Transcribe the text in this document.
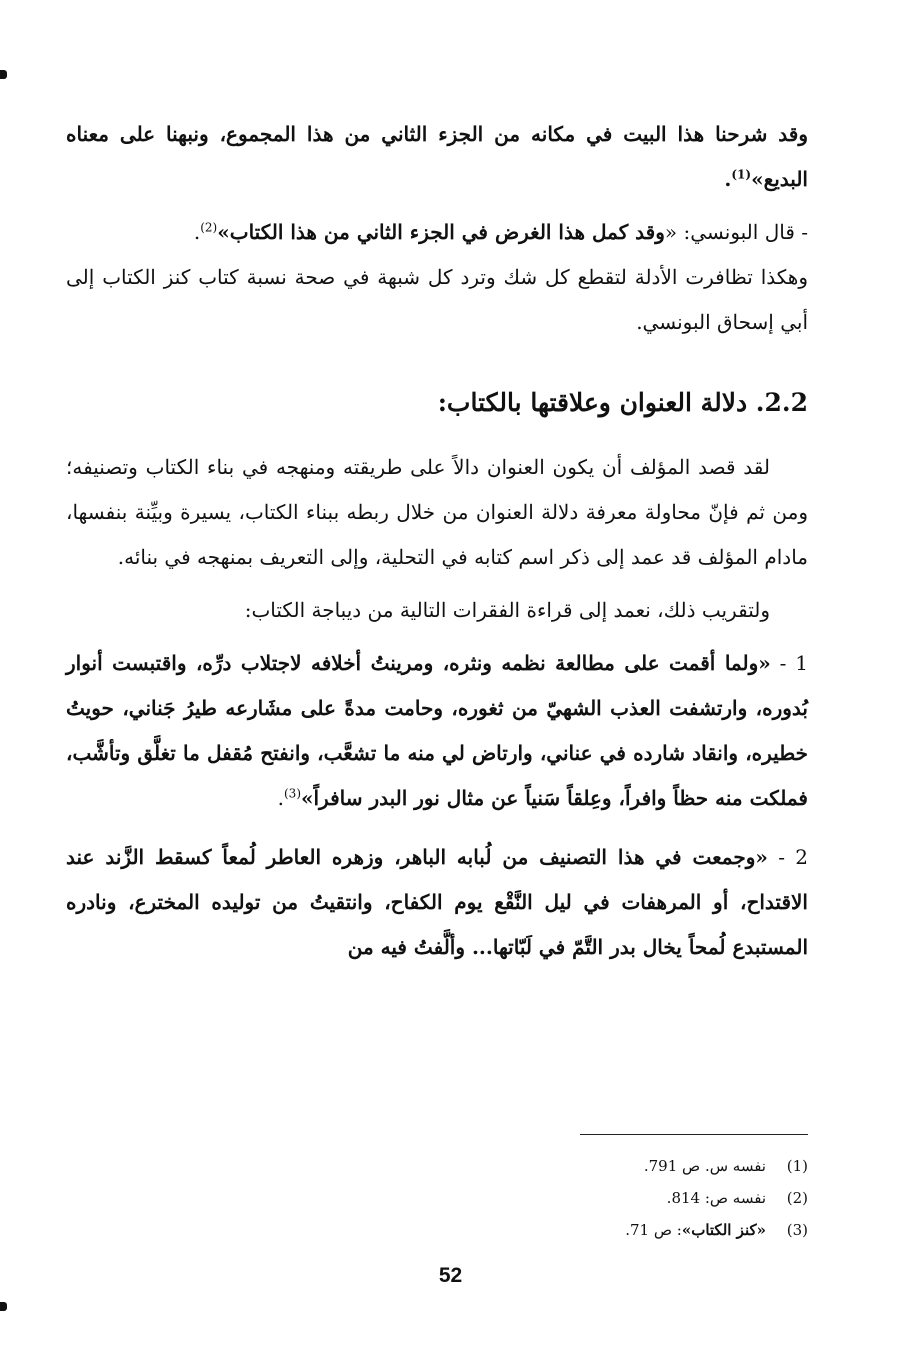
وقد شرحنا هذا البيت في مكانه من الجزء الثاني من هذا المجموع، ونبهنا على معناه البديع»$^{(1)}$.

- قال البونسي: «وقد كمل هذا الغرض في الجزء الثاني من هذا الكتاب»$^{(2)}$.

وهكذا تظافرت الأدلة لتقطع كل شك وترد كل شبهة في صحة نسبة كتاب كنز الكتاب إلى أبي إسحاق البونسي.

2.2. دلالة العنوان وعلاقتها بالكتاب:

لقد قصد المؤلف أن يكون العنوان دالاً على طريقته ومنهجه في بناء الكتاب وتصنيفه؛ ومن ثم فإنّ محاولة معرفة دلالة العنوان من خلال ربطه ببناء الكتاب، يسيرة وبيِّنة بنفسها، مادام المؤلف قد عمد إلى ذكر اسم كتابه في التحلية، وإلى التعريف بمنهجه في بنائه.

ولتقريب ذلك، نعمد إلى قراءة الفقرات التالية من ديباجة الكتاب:

1 - «ولما أقمت على مطالعة نظمه ونثره، ومرينتُ أخلافه لاجتلاب درِّه، واقتبست أنوار بُدوره، وارتشفت العذب الشهيّ من ثغوره، وحامت مدةً على مشَارعه طيرُ جَناني، حويتُ خطيره، وانقاد شارده في عناني، وارتاض لي منه ما تشعَّب، وانفتح مُقفل ما تغلَّق وتأشَّب، فملكت منه حظاً وافراً، وعِلقاً سَنياً عن مثال نور البدر سافراً»$^{(3)}$.

2 - «وجمعت في هذا التصنيف من لُبابه الباهر، وزهره العاطر لُمعاً كسقط الزَّند عند الاقتداح، أو المرهفات في ليل النَّقْع يوم الكفاح، وانتقيتُ من توليده المخترع، ونادره المستبدع لُمحاً يخال بدر التَّمّ في لَبّاتها... وألَّفتُ فيه من

(1)
نفسه س. ص 791.
(2)
نفسه ص: 814.
(3)
«كنز الكتاب»: ص 71.
52
